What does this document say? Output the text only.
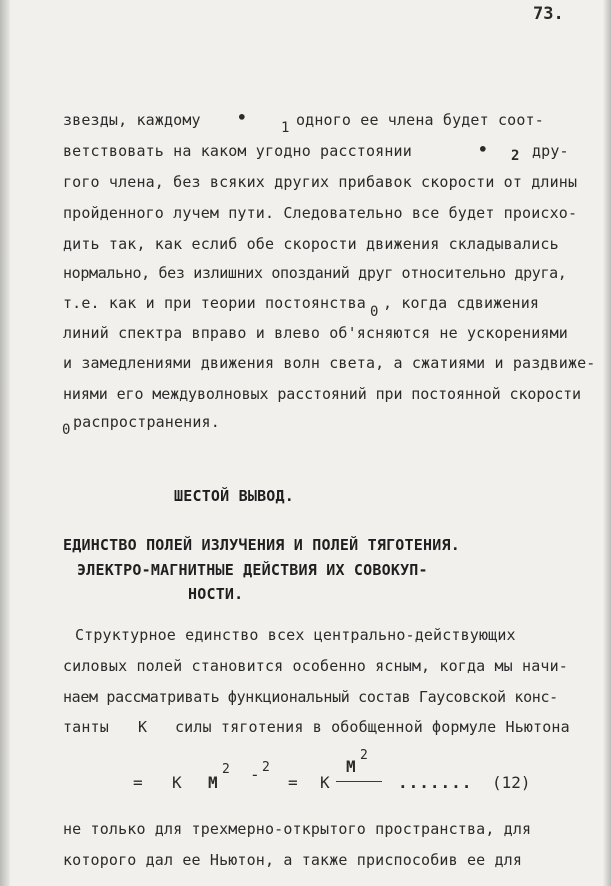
73.
звезды, каждому •
1 одного ее члена будет соот-
ветствовать на каком угодно расстоянии	• 2 дру-
гого члена, без всяких других прибавок скорости от длины
пройденного лучем пути. Следовательно все будет происхо-
дить так, как еслиб обе скорости движения складывались
нормально, без излишних опозданий друг относительно друга,
т.е. как и при теории постоянства 0 , когда сдвижения
линий спектра вправо и влево об'ясняются не ускорениями
и замедлениями движения волн света, а сжатиями и раздвиже-
ниями его междуволновых расстояний при постоянной скорости
0 распространения.
ШЕСТОЙ ВЫВОД.
ЕДИНСТВО ПОЛЕЙ ИЗЛУЧЕНИЯ И ПОЛЕЙ ТЯГОТЕНИЯ.
ЭЛЕКТРО-МАГНИТНЫЕ ДЕЙСТВИЯ ИХ СОВОКУП-
НОСТИ.
Структурное единство всех центрально-действующих
силовых полей становится особенно ясным, когда мы начи-
наем рассматривать функциональный состав Гаусовской конс-
танты K силы тяготения в обобщенной формуле Ньютона
= K M
2 - 2
= K
M
2
....... (12)
не только для трехмерно-открытого пространства, для
которого дал ее Ньютон, а также приспособив ее для
